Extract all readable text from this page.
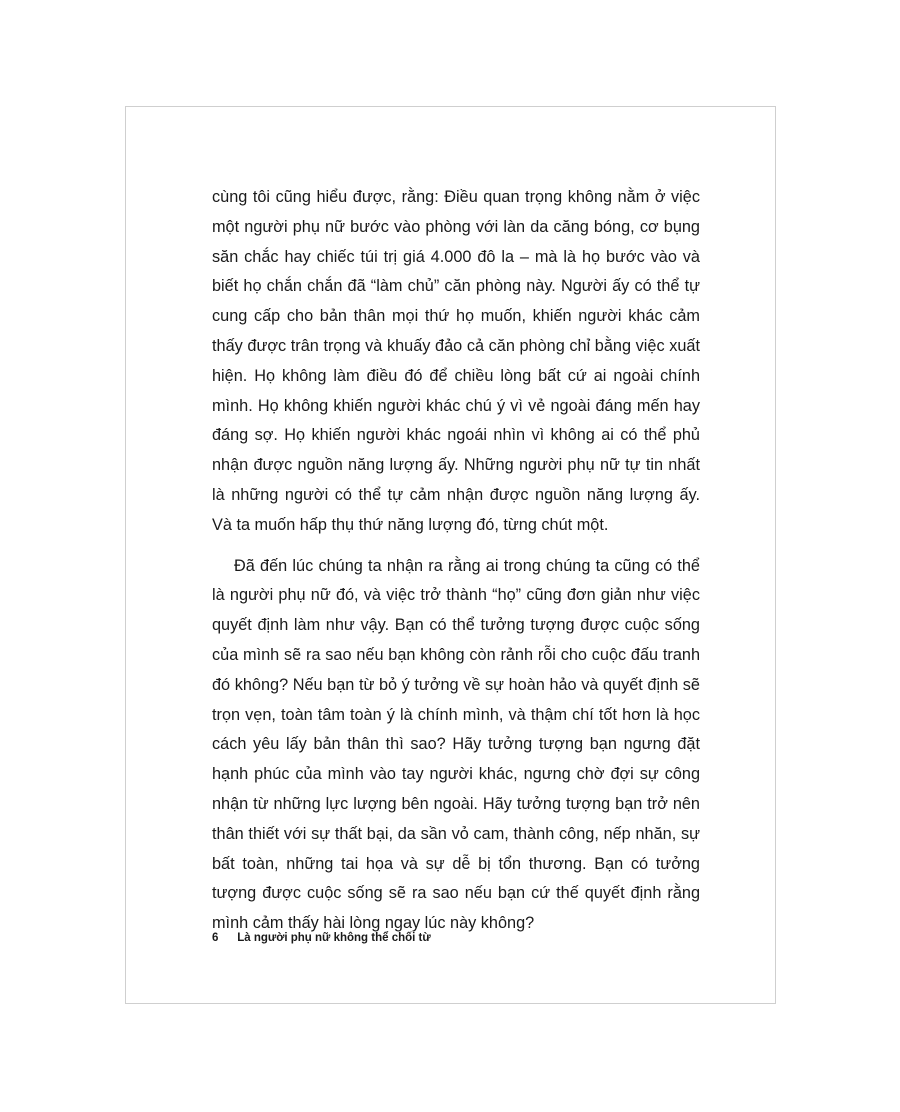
cùng tôi cũng hiểu được, rằng: Điều quan trọng không nằm ở việc một người phụ nữ bước vào phòng với làn da căng bóng, cơ bụng săn chắc hay chiếc túi trị giá 4.000 đô la – mà là họ bước vào và biết họ chắn chắn đã “làm chủ” căn phòng này. Người ấy có thể tự cung cấp cho bản thân mọi thứ họ muốn, khiến người khác cảm thấy được trân trọng và khuấy đảo cả căn phòng chỉ bằng việc xuất hiện. Họ không làm điều đó để chiều lòng bất cứ ai ngoài chính mình. Họ không khiến người khác chú ý vì vẻ ngoài đáng mến hay đáng sợ. Họ khiến người khác ngoái nhìn vì không ai có thể phủ nhận được nguồn năng lượng ấy. Những người phụ nữ tự tin nhất là những người có thể tự cảm nhận được nguồn năng lượng ấy. Và ta muốn hấp thụ thứ năng lượng đó, từng chút một.

Đã đến lúc chúng ta nhận ra rằng ai trong chúng ta cũng có thể là người phụ nữ đó, và việc trở thành “họ” cũng đơn giản như việc quyết định làm như vậy. Bạn có thể tưởng tượng được cuộc sống của mình sẽ ra sao nếu bạn không còn rảnh rỗi cho cuộc đấu tranh đó không? Nếu bạn từ bỏ ý tưởng về sự hoàn hảo và quyết định sẽ trọn vẹn, toàn tâm toàn ý là chính mình, và thậm chí tốt hơn là học cách yêu lấy bản thân thì sao? Hãy tưởng tượng bạn ngưng đặt hạnh phúc của mình vào tay người khác, ngưng chờ đợi sự công nhận từ những lực lượng bên ngoài. Hãy tưởng tượng bạn trở nên thân thiết với sự thất bại, da sần vỏ cam, thành công, nếp nhăn, sự bất toàn, những tai họa và sự dễ bị tổn thương. Bạn có tưởng tượng được cuộc sống sẽ ra sao nếu bạn cứ thế quyết định rằng mình cảm thấy hài lòng ngay lúc này không?

6 Là người phụ nữ không thể chối từ
